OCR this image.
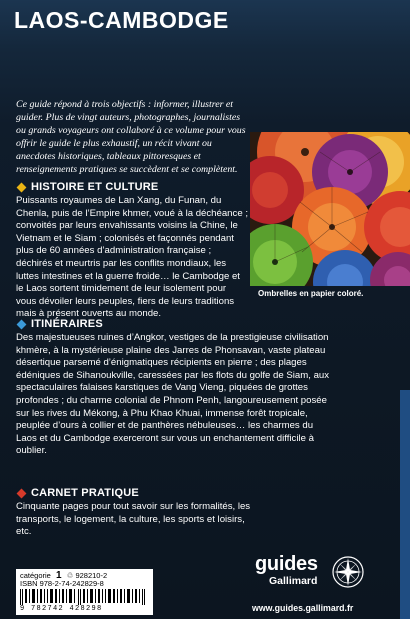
LAOS-CAMBODGE
Ce guide répond à trois objectifs : informer, illustrer et guider. Plus de vingt auteurs, photographes, journalistes ou grands voyageurs ont collaboré à ce volume pour vous offrir le guide le plus exhaustif, un récit vivant ou anecdotes historiques, tableaux pittoresques et renseignements pratiques se succèdent et se complètent.
Ombrelles en papier coloré.
HISTOIRE ET CULTURE
Puissants royaumes de Lan Xang, du Funan, du Chenla, puis de l’Empire khmer, voué à la déchéance ; convoités par leurs envahissants voisins la Chine, le Vietnam et le Siam ; colonisés et façonnés pendant plus de 60 années d’administration française ; déchirés et meurtris par les conflits mondiaux, les luttes intestines et la guerre froide… le Cambodge et le Laos sortent timidement de leur isolement pour vous dévoiler leurs peuples, fiers de leurs traditions mais à présent ouverts au monde.
ITINÉRAIRES
Des majestueuses ruines d’Angkor, vestiges de la prestigieuse civilisation khmère, à la mystérieuse plaine des Jarres de Phonsavan, vaste plateau désertique parsemé d’énigmatiques récipients en pierre ; des plages édéniques de Sihanoukville, caressées par les flots du golfe de Siam, aux spectaculaires falaises karstiques de Vang Vieng, piquées de grottes profondes ; du charme colonial de Phnom Penh, langoureusement posée sur les rives du Mékong, à Phu Khao Khuai, immense forêt tropicale, peuplée d’ours à collier et de panthères nébuleuses… les charmes du Laos et du Cambodge exerceront sur vous un enchantement difficile à oublier.
CARNET PRATIQUE
Cinquante pages pour tout savoir sur les formalités, les transports, le logement, la culture, les sports et loisirs, etc.
catégorie 1 ♲ 928210-2
ISBN 978-2-74-242829-8
9 782742 428298
guides
Gallimard
www.guides.gallimard.fr
